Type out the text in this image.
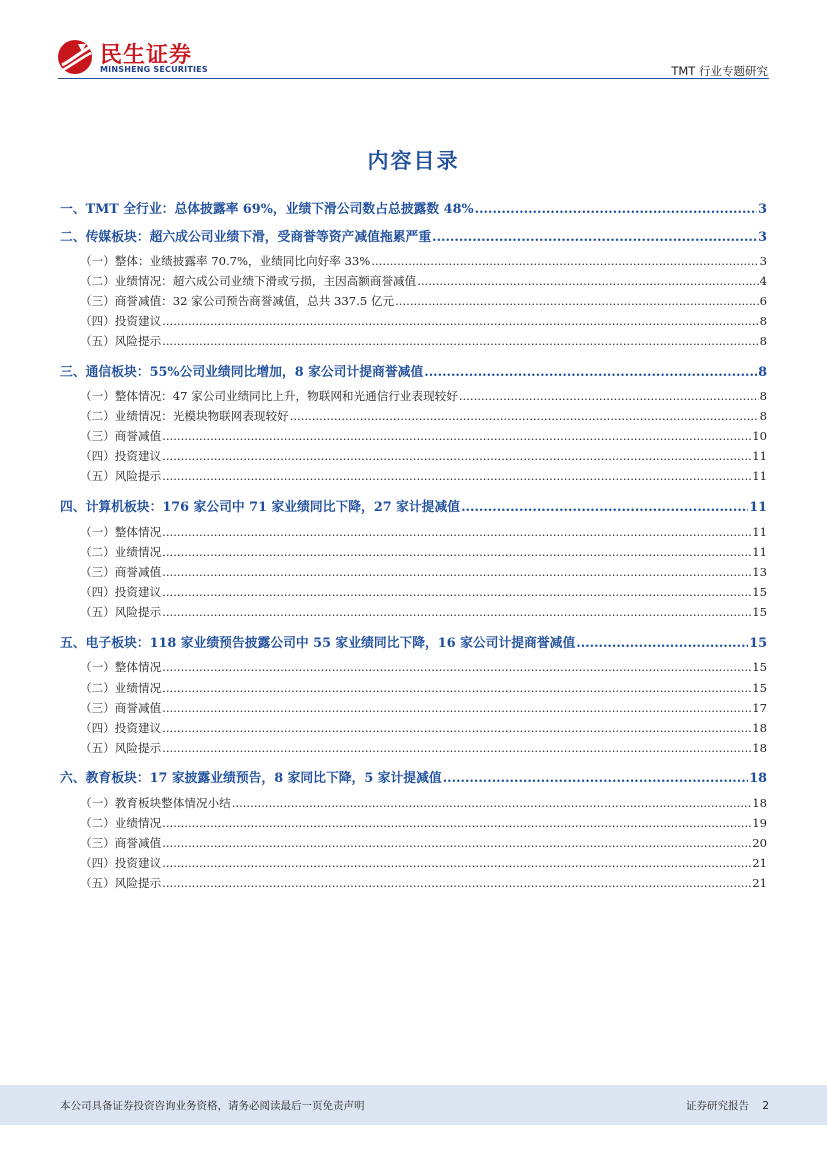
民生证券
MINSHENG SECURITIES	TMT 行业专题研究
内容目录
一、TMT 全行业：总体披露率 69%，业绩下滑公司数占总披露数 48% .....	3
二、传媒板块：超六成公司业绩下滑，受商誉等资产减值拖累严重 .....	3
（一）整体：业绩披露率 70.7%，业绩同比向好率 33% .....	3
（二）业绩情况：超六成公司业绩下滑或亏损，主因高额商誉减值 .....	4
（三）商誉减值：32 家公司预告商誉减值，总共 337.5 亿元 .....	6
（四）投资建议 .....	8
（五）风险提示 .....	8
三、通信板块：55%公司业绩同比增加，8 家公司计提商誉减值 .....	8
（一）整体情况：47 家公司业绩同比上升，物联网和光通信行业表现较好 .....	8
（二）业绩情况：光模块物联网表现较好 .....	8
（三）商誉减值 .....	10
（四）投资建议 .....	11
（五）风险提示 .....	11
四、计算机板块：176 家公司中 71 家业绩同比下降，27 家计提减值 .....	11
（一）整体情况 .....	11
（二）业绩情况 .....	11
（三）商誉减值 .....	13
（四）投资建议 .....	15
（五）风险提示 .....	15
五、电子板块：118 家业绩预告披露公司中 55 家业绩同比下降，16 家公司计提商誉减值 .....	15
（一）整体情况 .....	15
（二）业绩情况 .....	15
（三）商誉减值 .....	17
（四）投资建议 .....	18
（五）风险提示 .....	18
六、教育板块：17 家披露业绩预告，8 家同比下降，5 家计提减值 .....	18
（一）教育板块整体情况小结 .....	18
（二）业绩情况 .....	19
（三）商誉减值 .....	20
（四）投资建议 .....	21
（五）风险提示 .....	21
本公司具备证券投资咨询业务资格，请务必阅读最后一页免责声明	证券研究报告 2
